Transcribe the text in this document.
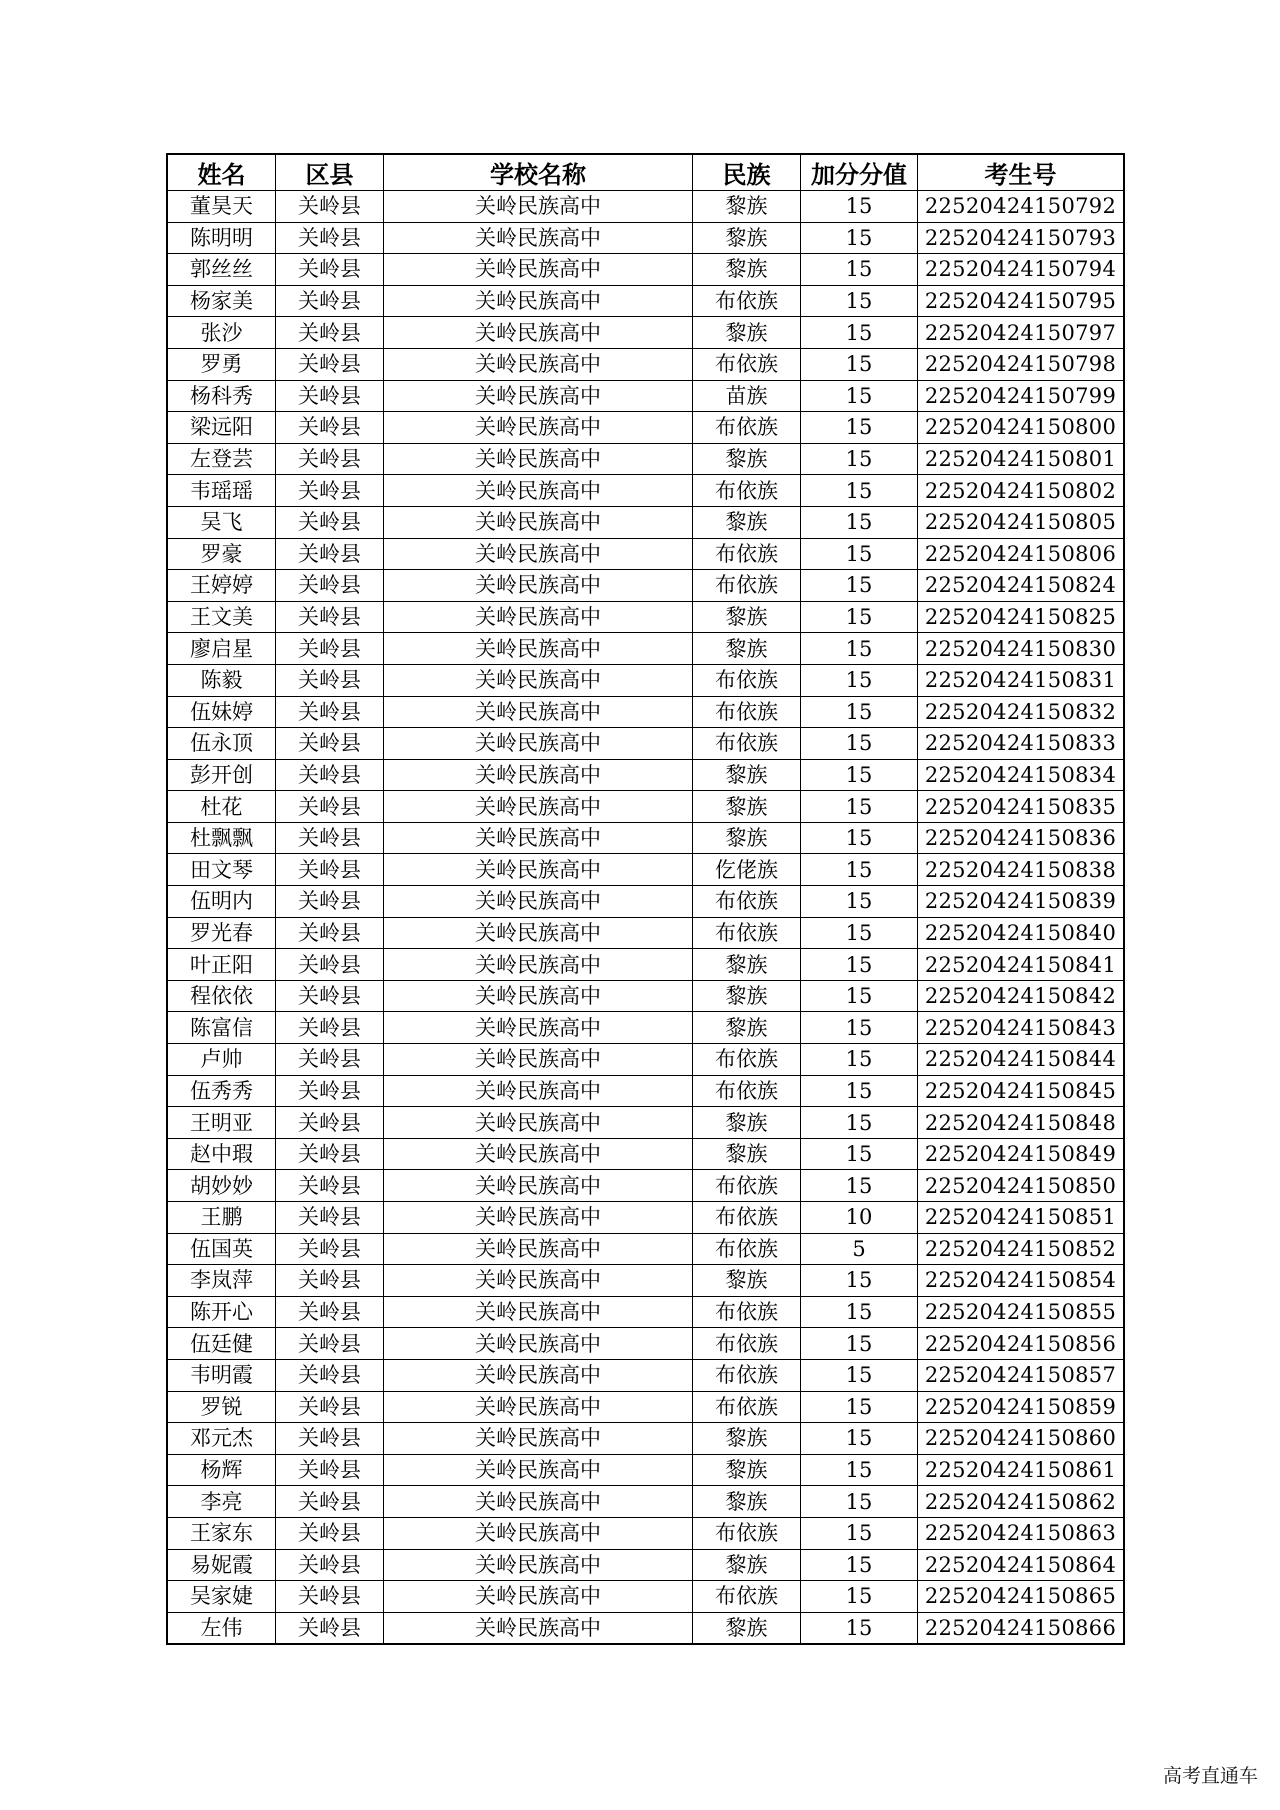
姓名	区县	学校名称	民族	加分分值	考生号
董昊天	关岭县	关岭民族高中	黎族	15	22520424150792
陈明明	关岭县	关岭民族高中	黎族	15	22520424150793
郭丝丝	关岭县	关岭民族高中	黎族	15	22520424150794
杨家美	关岭县	关岭民族高中	布依族	15	22520424150795
张沙	关岭县	关岭民族高中	黎族	15	22520424150797
罗勇	关岭县	关岭民族高中	布依族	15	22520424150798
杨科秀	关岭县	关岭民族高中	苗族	15	22520424150799
梁远阳	关岭县	关岭民族高中	布依族	15	22520424150800
左登芸	关岭县	关岭民族高中	黎族	15	22520424150801
韦瑶瑶	关岭县	关岭民族高中	布依族	15	22520424150802
吴飞	关岭县	关岭民族高中	黎族	15	22520424150805
罗豪	关岭县	关岭民族高中	布依族	15	22520424150806
王婷婷	关岭县	关岭民族高中	布依族	15	22520424150824
王文美	关岭县	关岭民族高中	黎族	15	22520424150825
廖启星	关岭县	关岭民族高中	黎族	15	22520424150830
陈毅	关岭县	关岭民族高中	布依族	15	22520424150831
伍妹婷	关岭县	关岭民族高中	布依族	15	22520424150832
伍永顶	关岭县	关岭民族高中	布依族	15	22520424150833
彭开创	关岭县	关岭民族高中	黎族	15	22520424150834
杜花	关岭县	关岭民族高中	黎族	15	22520424150835
杜飘飘	关岭县	关岭民族高中	黎族	15	22520424150836
田文琴	关岭县	关岭民族高中	仡佬族	15	22520424150838
伍明内	关岭县	关岭民族高中	布依族	15	22520424150839
罗光春	关岭县	关岭民族高中	布依族	15	22520424150840
叶正阳	关岭县	关岭民族高中	黎族	15	22520424150841
程依依	关岭县	关岭民族高中	黎族	15	22520424150842
陈富信	关岭县	关岭民族高中	黎族	15	22520424150843
卢帅	关岭县	关岭民族高中	布依族	15	22520424150844
伍秀秀	关岭县	关岭民族高中	布依族	15	22520424150845
王明亚	关岭县	关岭民族高中	黎族	15	22520424150848
赵中瑕	关岭县	关岭民族高中	黎族	15	22520424150849
胡妙妙	关岭县	关岭民族高中	布依族	15	22520424150850
王鹏	关岭县	关岭民族高中	布依族	10	22520424150851
伍国英	关岭县	关岭民族高中	布依族	5	22520424150852
李岚萍	关岭县	关岭民族高中	黎族	15	22520424150854
陈开心	关岭县	关岭民族高中	布依族	15	22520424150855
伍廷健	关岭县	关岭民族高中	布依族	15	22520424150856
韦明霞	关岭县	关岭民族高中	布依族	15	22520424150857
罗锐	关岭县	关岭民族高中	布依族	15	22520424150859
邓元杰	关岭县	关岭民族高中	黎族	15	22520424150860
杨辉	关岭县	关岭民族高中	黎族	15	22520424150861
李亮	关岭县	关岭民族高中	黎族	15	22520424150862
王家东	关岭县	关岭民族高中	布依族	15	22520424150863
易妮霞	关岭县	关岭民族高中	黎族	15	22520424150864
吴家婕	关岭县	关岭民族高中	布依族	15	22520424150865
左伟	关岭县	关岭民族高中	黎族	15	22520424150866
高考直通车
